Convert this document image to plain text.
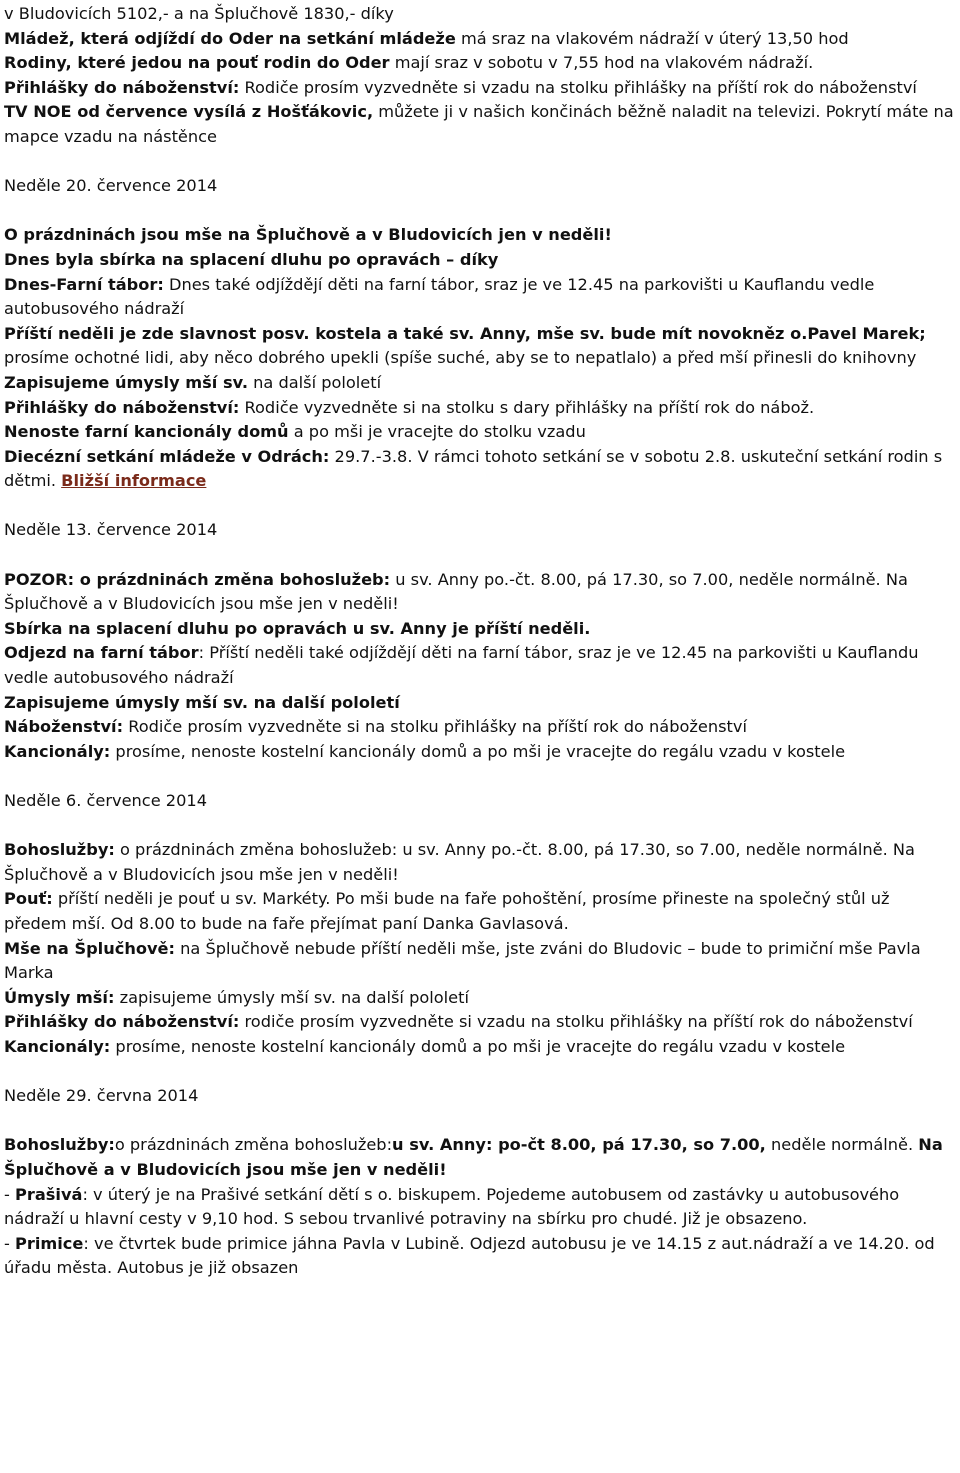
v Bludovicích 5102,- a na Šplučhově 1830,- díky

Mládež, která odjíždí do Oder na setkání mládeže má sraz na vlakovém nádraží v úterý 13,50 hod

Rodiny, které jedou na pouť rodin do Oder mají sraz v sobotu v 7,55 hod na vlakovém nádraží.

Přihlášky do náboženství: Rodiče prosím vyzvedněte si vzadu na stolku přihlášky na příští rok do náboženství

TV NOE od července vysílá z Hošťákovic, můžete ji v našich končinách běžně naladit na televizi. Pokrytí máte na mapce vzadu na nástěnce

Neděle 20. července 2014

O prázdninách jsou mše na Šplučhově a v Bludovicích jen v neděli!

Dnes byla sbírka na splacení dluhu po opravách – díky

Dnes-Farní tábor: Dnes také odjíždějí děti na farní tábor, sraz je ve 12.45 na parkovišti u Kauflandu vedle autobusového nádraží

Příští neděli je zde slavnost posv. kostela a také sv. Anny, mše sv. bude mít novokněz o.Pavel Marek; prosíme ochotné lidi, aby něco dobrého upekli (spíše suché, aby se to nepatlalo) a před mší přinesli do knihovny

Zapisujeme úmysly mší sv. na další pololetí

Přihlášky do náboženství: Rodiče vyzvedněte si na stolku s dary přihlášky na příští rok do nábož.

Nenoste farní kancionály domů a po mši je vracejte do stolku vzadu

Diecézní setkání mládeže v Odrách: 29.7.-3.8. V rámci tohoto setkání se v sobotu 2.8. uskuteční setkání rodin s dětmi. Bližší informace

Neděle 13. července 2014

POZOR: o prázdninách změna bohoslužeb: u sv. Anny po.-čt. 8.00, pá 17.30, so 7.00, neděle normálně. Na Šplučhově a v Bludovicích jsou mše jen v neděli!

Sbírka na splacení dluhu po opravách u sv. Anny je příští neděli.

Odjezd na farní tábor: Příští neděli také odjíždějí děti na farní tábor, sraz je ve 12.45 na parkovišti u Kauflandu vedle autobusového nádraží

Zapisujeme úmysly mší sv. na další pololetí

Náboženství: Rodiče prosím vyzvedněte si na stolku přihlášky na příští rok do náboženství

Kancionály: prosíme, nenoste kostelní kancionály domů a po mši je vracejte do regálu vzadu v kostele

Neděle 6. července 2014

Bohoslužby: o prázdninách změna bohoslužeb: u sv. Anny po.-čt. 8.00, pá 17.30, so 7.00, neděle normálně. Na Šplučhově a v Bludovicích jsou mše jen v neděli!

Pouť: příští neděli je pouť u sv. Markéty. Po mši bude na faře pohoštění, prosíme přineste na společný stůl už předem mší. Od 8.00 to bude na faře přejímat paní Danka Gavlasová.

Mše na Šplučhově: na Šplučhově nebude příští neděli mše, jste zváni do Bludovic – bude to primiční mše Pavla Marka

Úmysly mší: zapisujeme úmysly mší sv. na další pololetí

Přihlášky do náboženství: rodiče prosím vyzvedněte si vzadu na stolku přihlášky na příští rok do náboženství

Kancionály: prosíme, nenoste kostelní kancionály domů a po mši je vracejte do regálu vzadu v kostele

Neděle 29. června 2014

Bohoslužby:o prázdninách změna bohoslužeb:u sv. Anny: po-čt 8.00, pá 17.30, so 7.00, neděle normálně. Na Šplučhově a v Bludovicích jsou mše jen v neděli!

- Prašivá: v úterý je na Prašivé setkání dětí s o. biskupem. Pojedeme autobusem od zastávky u autobusového nádraží u hlavní cesty v 9,10 hod. S sebou trvanlivé potraviny na sbírku pro chudé. Již je obsazeno.

- Primice: ve čtvrtek bude primice jáhna Pavla v Lubině. Odjezd autobusu je ve 14.15 z aut.nádraží a ve 14.20. od úřadu města. Autobus je již obsazen
